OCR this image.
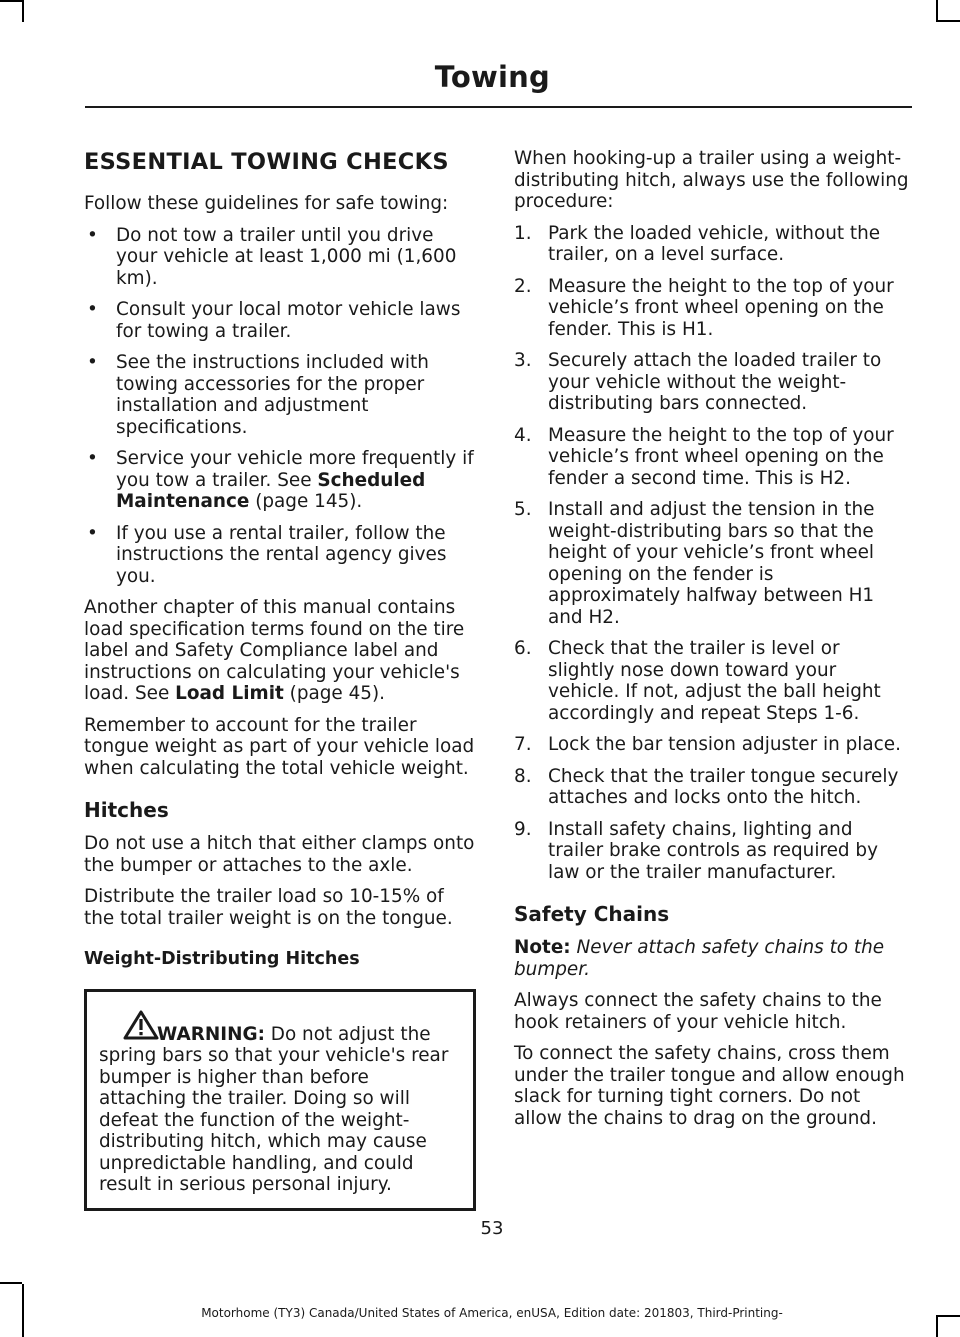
Towing
ESSENTIAL TOWING CHECKS

Follow these guidelines for safe towing:

• Do not tow a trailer until you drive your vehicle at least 1,000 mi (1,600 km).
• Consult your local motor vehicle laws for towing a trailer.
• See the instructions included with towing accessories for the proper installation and adjustment specifications.
• Service your vehicle more frequently if you tow a trailer. See Scheduled Maintenance (page 145).
• If you use a rental trailer, follow the instructions the rental agency gives you.

Another chapter of this manual contains load specification terms found on the tire label and Safety Compliance label and instructions on calculating your vehicle's load. See Load Limit (page 45).

Remember to account for the trailer tongue weight as part of your vehicle load when calculating the total vehicle weight.

Hitches

Do not use a hitch that either clamps onto the bumper or attaches to the axle.

Distribute the trailer load so 10-15% of the total trailer weight is on the tongue.

Weight-Distributing Hitches
WARNING: Do not adjust the spring bars so that your vehicle's rear bumper is higher than before attaching the trailer. Doing so will defeat the function of the weight-distributing hitch, which may cause unpredictable handling, and could result in serious personal injury.

When hooking-up a trailer using a weight-distributing hitch, always use the following procedure:

1. Park the loaded vehicle, without the trailer, on a level surface.
2. Measure the height to the top of your vehicle’s front wheel opening on the fender. This is H1.
3. Securely attach the loaded trailer to your vehicle without the weight-distributing bars connected.
4. Measure the height to the top of your vehicle’s front wheel opening on the fender a second time. This is H2.
5. Install and adjust the tension in the weight-distributing bars so that the height of your vehicle’s front wheel opening on the fender is approximately halfway between H1 and H2.
6. Check that the trailer is level or slightly nose down toward your vehicle. If not, adjust the ball height accordingly and repeat Steps 1-6.
7. Lock the bar tension adjuster in place.
8. Check that the trailer tongue securely attaches and locks onto the hitch.
9. Install safety chains, lighting and trailer brake controls as required by law or the trailer manufacturer.
Safety Chains

Note: Never attach safety chains to the bumper.

Always connect the safety chains to the hook retainers of your vehicle hitch.

To connect the safety chains, cross them under the trailer tongue and allow enough slack for turning tight corners. Do not allow the chains to drag on the ground.

53
Motorhome (TY3) Canada/United States of America, enUSA, Edition date: 201803, Third-Printing-
